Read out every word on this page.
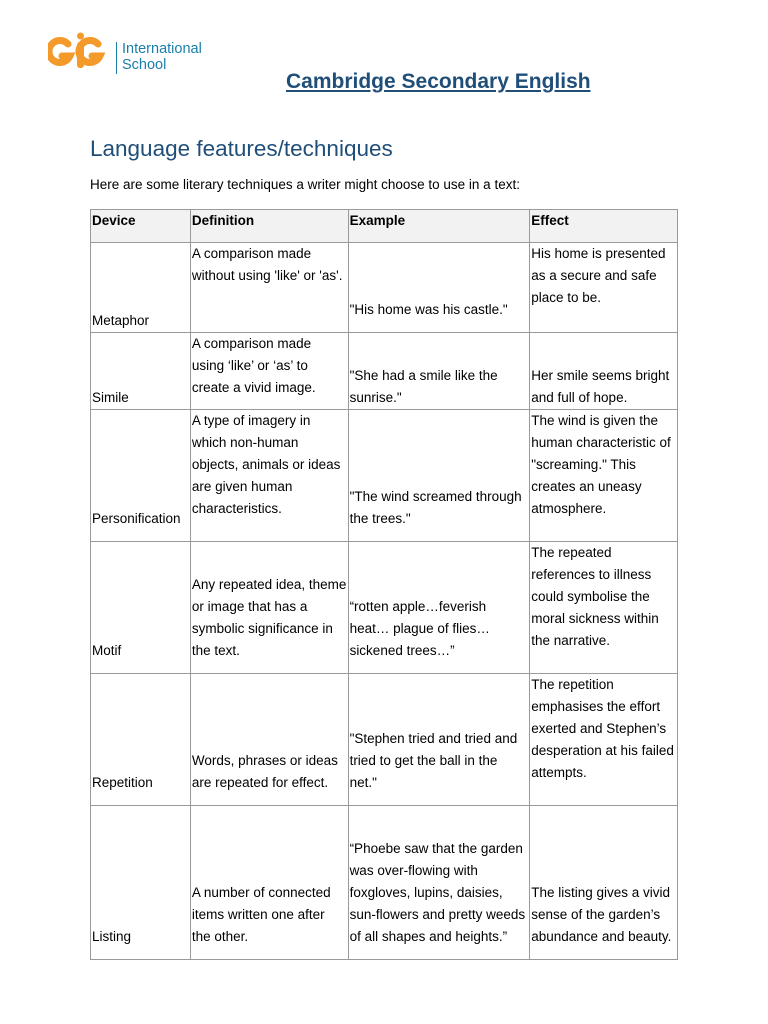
International
School
Cambridge Secondary English
Language features/techniques
Here are some literary techniques a writer might choose to use in a text:
Device	Definition	Example	Effect
Metaphor	A comparison made without using 'like' or 'as'.	"His home was his castle."	His home is presented as a secure and safe place to be.
Simile	A comparison made using ‘like’ or ‘as’ to create a vivid image.	"She had a smile like the sunrise."	Her smile seems bright and full of hope.
Personification	A type of imagery in which non-human objects, animals or ideas are given human characteristics.	"The wind screamed through the trees."	The wind is given the human characteristic of "screaming." This creates an uneasy atmosphere.
Motif	Any repeated idea, theme or image that has a symbolic significance in the text.	“rotten apple…feverish heat… plague of flies…sickened trees…”	The repeated references to illness could symbolise the moral sickness within the narrative.
Repetition	Words, phrases or ideas are repeated for effect.	"Stephen tried and tried and tried to get the ball in the net."	The repetition emphasises the effort exerted and Stephen’s desperation at his failed attempts.
Listing	A number of connected items written one after the other.	“Phoebe saw that the garden was over-flowing with foxgloves, lupins, daisies, sun-flowers and pretty weeds of all shapes and heights.”	The listing gives a vivid sense of the garden’s abundance and beauty.
